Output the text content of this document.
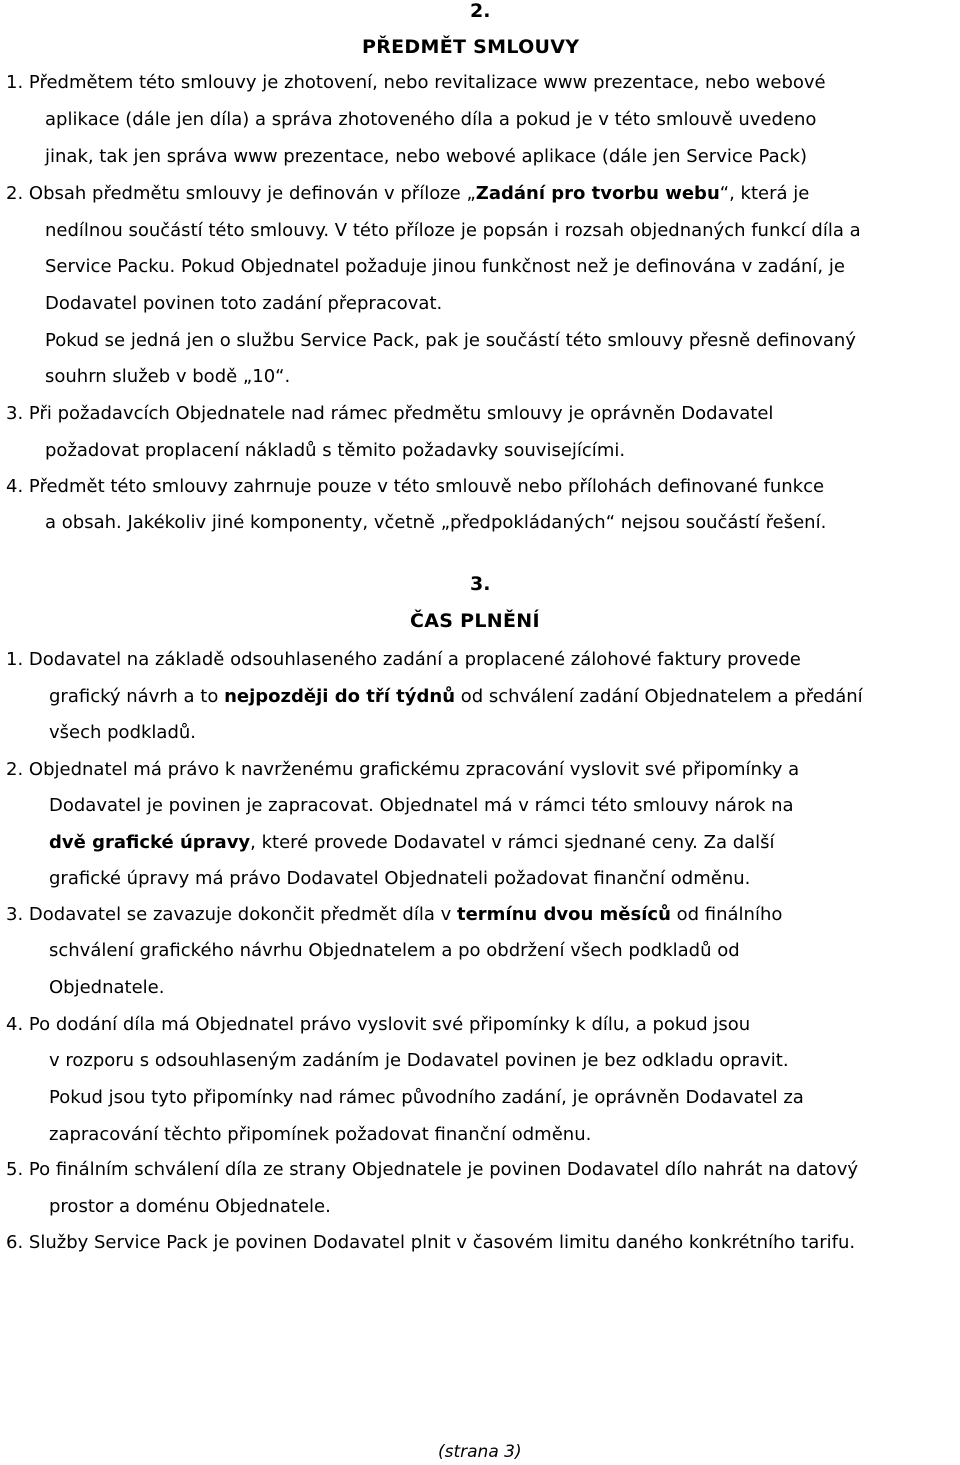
2.
PŘEDMĚT SMLOUVY
1. Předmětem této smlouvy je zhotovení, nebo revitalizace www prezentace, nebo webové
aplikace (dále jen díla) a správa zhotoveného díla a pokud je v této smlouvě uvedeno
jinak, tak jen správa www prezentace, nebo webové aplikace (dále jen Service Pack)
2. Obsah předmětu smlouvy je definován v příloze „Zadání pro tvorbu webu“, která je
nedílnou součástí této smlouvy. V této příloze je popsán i rozsah objednaných funkcí díla a
Service Packu. Pokud Objednatel požaduje jinou funkčnost než je definována v zadání, je
Dodavatel povinen toto zadání přepracovat.
Pokud se jedná jen o službu Service Pack, pak je součástí této smlouvy přesně definovaný
souhrn služeb v bodě „10“.
3. Při požadavcích Objednatele nad rámec předmětu smlouvy je oprávněn Dodavatel
požadovat proplacení nákladů s těmito požadavky souvisejícími.
4. Předmět této smlouvy zahrnuje pouze v této smlouvě nebo přílohách definované funkce
a obsah. Jakékoliv jiné komponenty, včetně „předpokládaných“ nejsou součástí řešení.
3.
ČAS PLNĚNÍ
1. Dodavatel na základě odsouhlaseného zadání a proplacené zálohové faktury provede
grafický návrh a to nejpozději do tří týdnů od schválení zadání Objednatelem a předání
všech podkladů.
2. Objednatel má právo k navrženému grafickému zpracování vyslovit své připomínky a
Dodavatel je povinen je zapracovat. Objednatel má v rámci této smlouvy nárok na
dvě grafické úpravy, které provede Dodavatel v rámci sjednané ceny. Za další
grafické úpravy má právo Dodavatel Objednateli požadovat finanční odměnu.
3. Dodavatel se zavazuje dokončit předmět díla v termínu dvou měsíců od finálního
schválení grafického návrhu Objednatelem a po obdržení všech podkladů od
Objednatele.
4. Po dodání díla má Objednatel právo vyslovit své připomínky k dílu, a pokud jsou
v rozporu s odsouhlaseným zadáním je Dodavatel povinen je bez odkladu opravit.
Pokud jsou tyto připomínky nad rámec původního zadání, je oprávněn Dodavatel za
zapracování těchto připomínek požadovat finanční odměnu.
5. Po finálním schválení díla ze strany Objednatele je povinen Dodavatel dílo nahrát na datový
prostor a doménu Objednatele.
6. Služby Service Pack je povinen Dodavatel plnit v časovém limitu daného konkrétního tarifu.
(strana 3)
